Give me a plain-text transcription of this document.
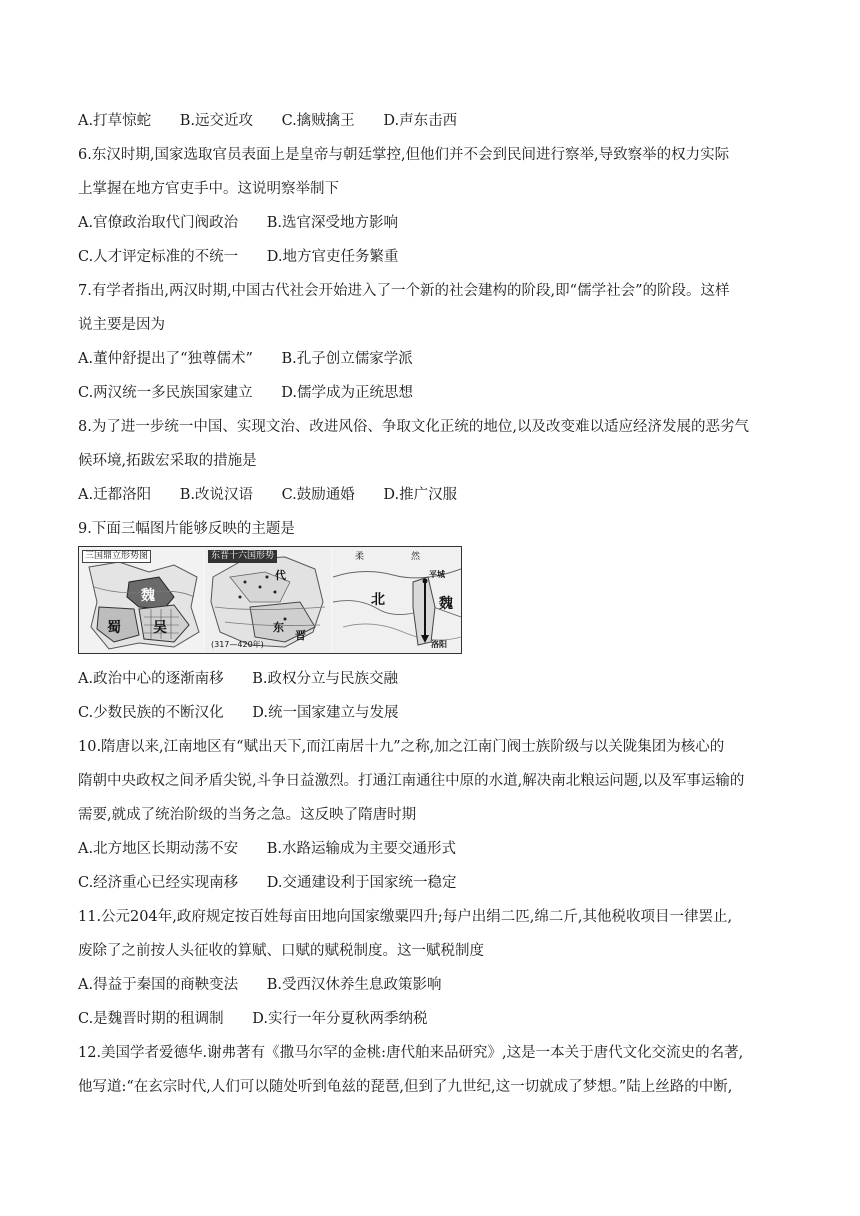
A.打草惊蛇 B.远交近攻 C.擒贼擒王 D.声东击西
6.东汉时期,国家选取官员表面上是皇帝与朝廷掌控,但他们并不会到民间进行察举,导致察举的权力实际
上掌握在地方官吏手中。这说明察举制下
A.官僚政治取代门阀政治 B.选官深受地方影响
C.人才评定标准的不统一 D.地方官吏任务繁重
7.有学者指出,两汉时期,中国古代社会开始进入了一个新的社会建构的阶段,即“儒学社会”的阶段。这样
说主要是因为
A.董仲舒提出了“独尊儒术” B.孔子创立儒家学派
C.两汉统一多民族国家建立 D.儒学成为正统思想
8.为了进一步统一中国、实现文治、改进风俗、争取文化正统的地位,以及改变难以适应经济发展的恶劣气
候环境,拓跋宏采取的措施是
A.迁都洛阳 B.改说汉语 C.鼓励通婚 D.推广汉服
9.下面三幅图片能够反映的主题是
三国鼎立形势图
魏
蜀 吴
东晋十六国形势
代
东
晋
(317—420年)
柔	然
北	魏
平城
洛阳
A.政治中心的逐渐南移 B.政权分立与民族交融
C.少数民族的不断汉化 D.统一国家建立与发展
10.隋唐以来,江南地区有“赋出天下,而江南居十九”之称,加之江南门阀士族阶级与以关陇集团为核心的
隋朝中央政权之间矛盾尖锐,斗争日益激烈。打通江南通往中原的水道,解决南北粮运问题,以及军事运输的
需要,就成了统治阶级的当务之急。这反映了隋唐时期
A.北方地区长期动荡不安 B.水路运输成为主要交通形式
C.经济重心已经实现南移 D.交通建设利于国家统一稳定
11.公元204年,政府规定按百姓每亩田地向国家缴粟四升;每户出绢二匹,绵二斤,其他税收项目一律罢止,
废除了之前按人头征收的算赋、口赋的赋税制度。这一赋税制度
A.得益于秦国的商鞅变法 B.受西汉休养生息政策影响
C.是魏晋时期的租调制 D.实行一年分夏秋两季纳税
12.美国学者爱德华.谢弗著有《撒马尔罕的金桃:唐代舶来品研究》,这是一本关于唐代文化交流史的名著,
他写道:“在玄宗时代,人们可以随处听到龟兹的琵琶,但到了九世纪,这一切就成了梦想。”陆上丝路的中断,
